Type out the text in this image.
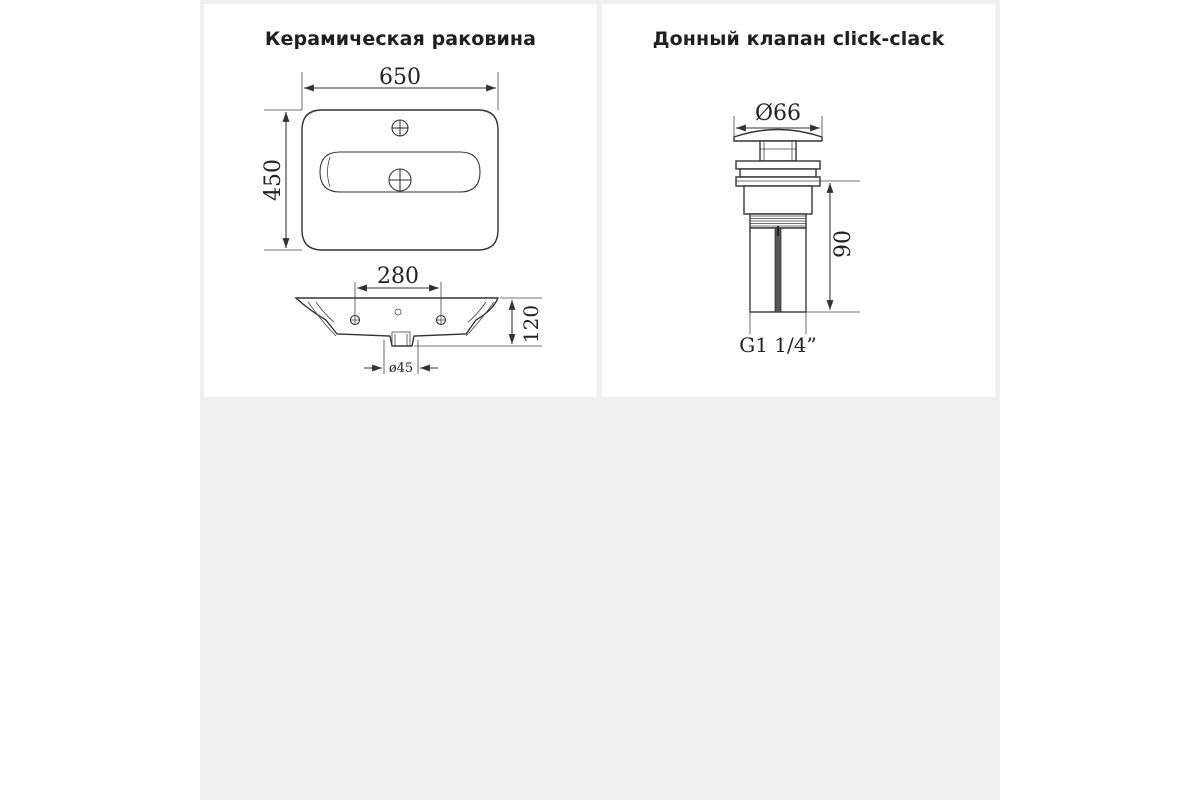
Керамическая раковина
650
450
280
120
ø45
Донный клапан click-clack
Ø66
90
G1 1/4”
